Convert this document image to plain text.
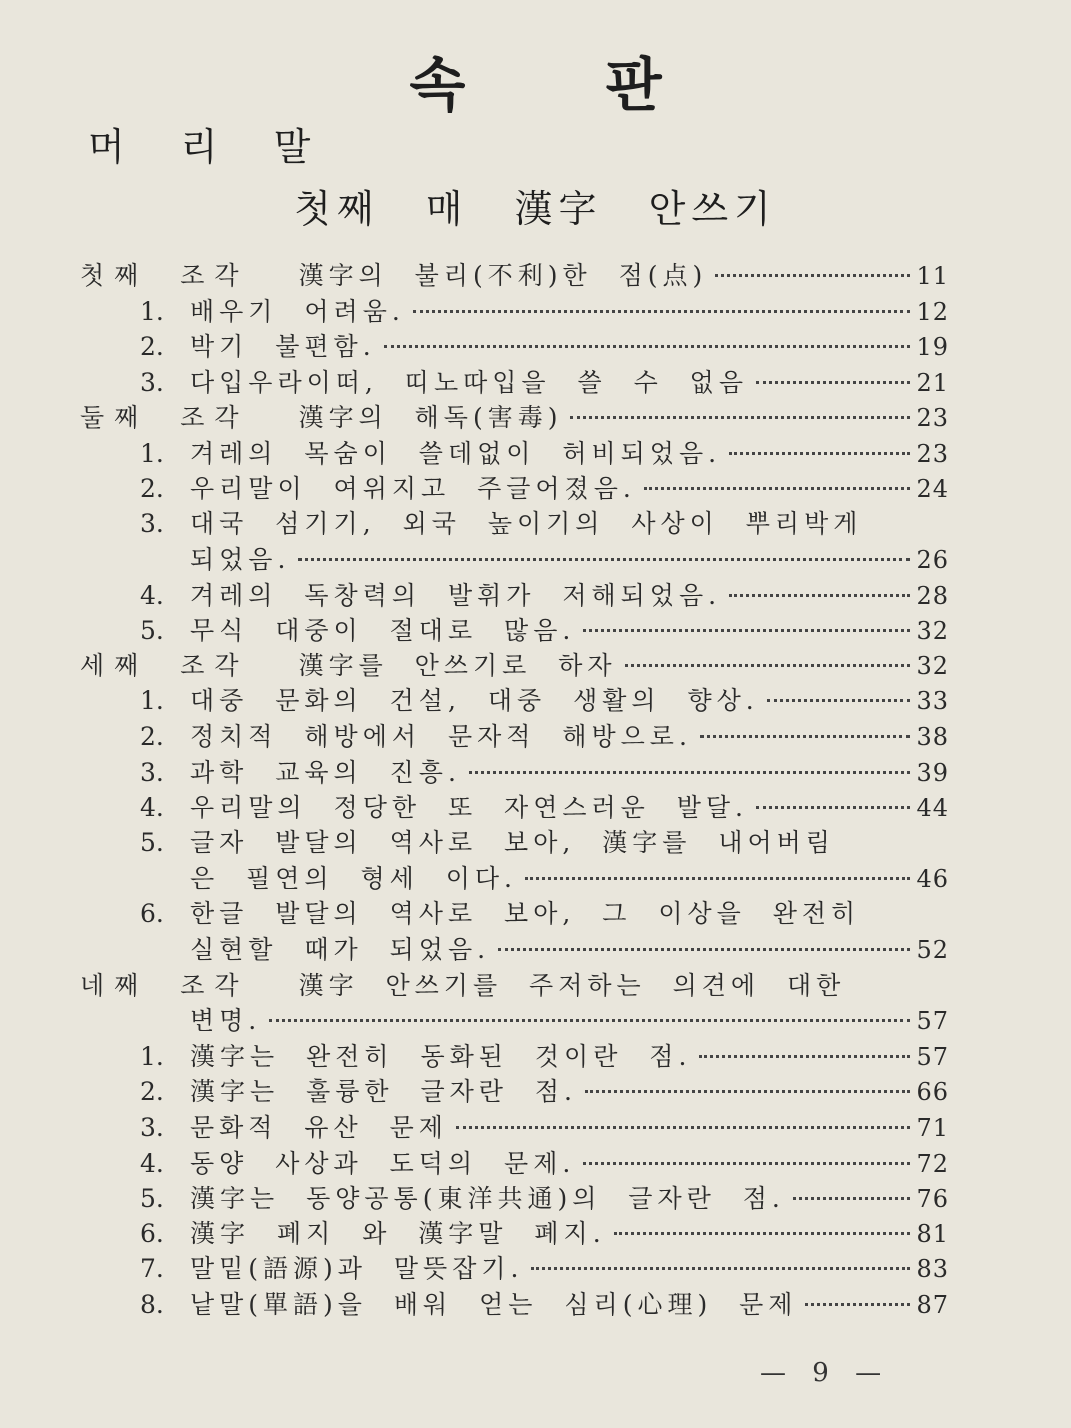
속 판
머 리 말
첫째 매 漢字 안쓰기
첫째 조각 漢字의 불리(不利)한 점(点)	11
1. 배우기 어려움.	12
2. 박기 불편함.	19
3. 다입우라이떠, 띠노따입을 쓸 수 없음	21
둘째 조각 漢字의 해독(害毒)	23
1. 겨레의 목숨이 쓸데없이 허비되었음.	23
2. 우리말이 여위지고 주글어졌음.	24
3. 대국 섬기기, 외국 높이기의 사상이 뿌리박게
되었음.	26
4. 겨레의 독창력의 발휘가 저해되었음.	28
5. 무식 대중이 절대로 많음.	32
세째 조각 漢字를 안쓰기로 하자	32
1. 대중 문화의 건설, 대중 생활의 향상.	33
2. 정치적 해방에서 문자적 해방으로.	38
3. 과학 교육의 진흥.	39
4. 우리말의 정당한 또 자연스러운 발달.	44
5. 글자 발달의 역사로 보아, 漢字를 내어버림
은 필연의 형세 이다.	46
6. 한글 발달의 역사로 보아, 그 이상을 완전히
실현할 때가 되었음.	52
네째 조각 漢字 안쓰기를 주저하는 의견에 대한
변명.	57
1. 漢字는 완전히 동화된 것이란 점.	57
2. 漢字는 훌륭한 글자란 점.	66
3. 문화적 유산 문제	71
4. 동양 사상과 도덕의 문제.	72
5. 漢字는 동양공통(東洋共通)의 글자란 점.	76
6. 漢字 폐지 와 漢字말 폐지.	81
7. 말밑(語源)과 말뜻잡기.	83
8. 낱말(單語)을 배워 얻는 심리(心理) 문제	87
— 9 —
